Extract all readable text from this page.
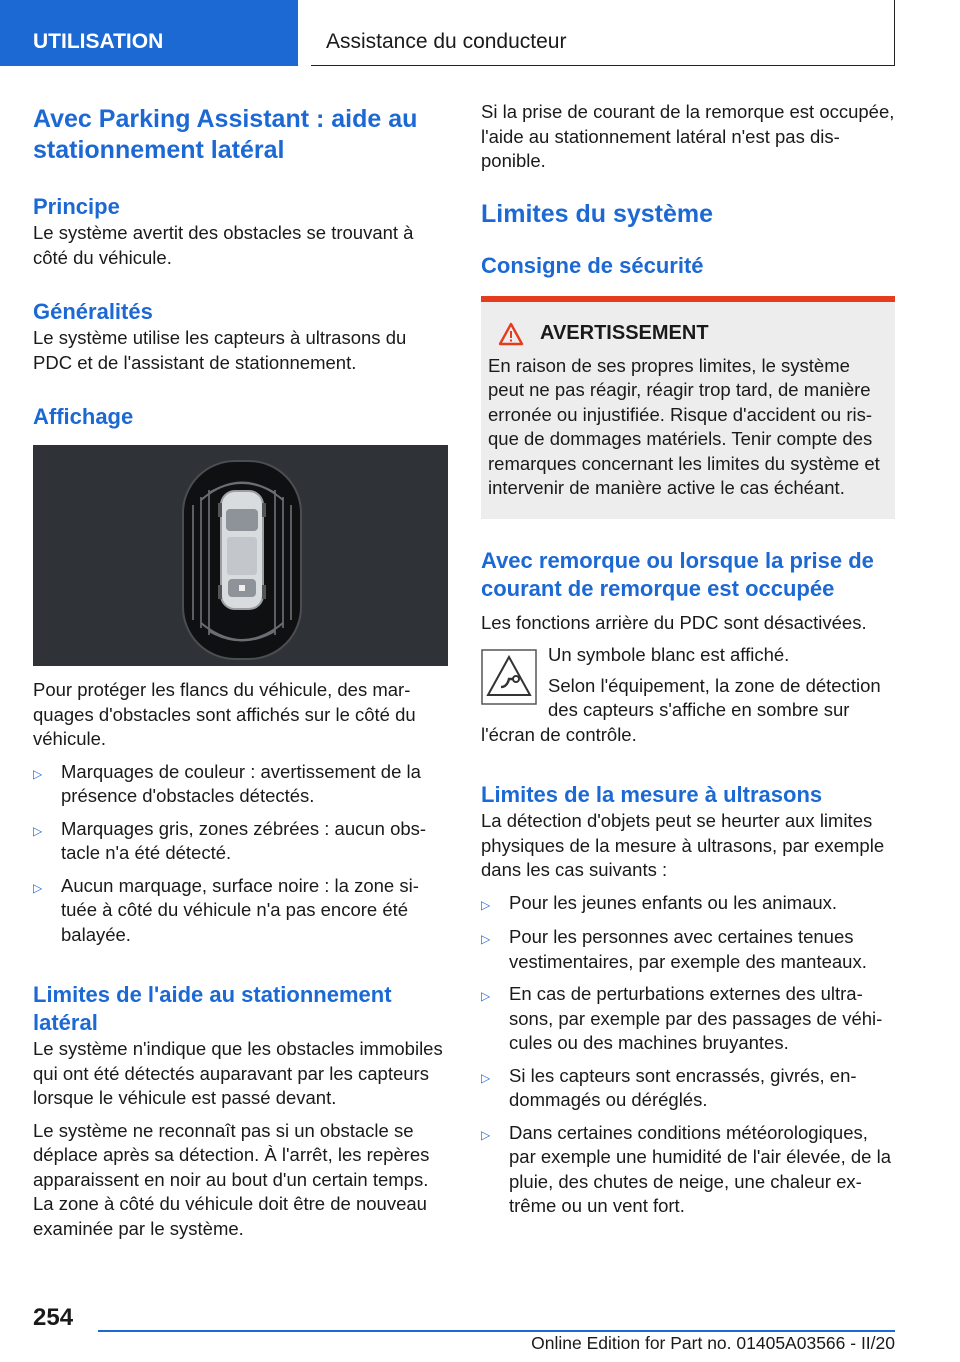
UTILISATION	Assistance du conducteur
Avec Parking Assistant : aide au stationnement latéral
Principe

Le système avertit des obstacles se trouvant à côté du véhicule.

Généralités

Le système utilise les capteurs à ultrasons du PDC et de l'assistant de stationnement.

Affichage

Pour protéger les flancs du véhicule, des marquages d'obstacles sont affichés sur le côté du véhicule.

▷	Marquages de couleur : avertissement de la présence d'obstacles détectés.
▷	Marquages gris, zones zébrées : aucun obstacle n'a été détecté.
▷	Aucun marquage, surface noire : la zone située à côté du véhicule n'a pas encore été balayée.
Limites de l'aide au stationnement latéral

Le système n'indique que les obstacles immobiles qui ont été détectés auparavant par les capteurs lorsque le véhicule est passé devant.

Le système ne reconnaît pas si un obstacle se déplace après sa détection. À l'arrêt, les repères apparaissent en noir au bout d'un certain temps. La zone à côté du véhicule doit être de nouveau examinée par le système.

Si la prise de courant de la remorque est occupée, l'aide au stationnement latéral n'est pas disponible.

Limites du système
Consigne de sécurité
AVERTISSEMENT

En raison de ses propres limites, le système peut ne pas réagir, réagir trop tard, de manière erronée ou injustifiée. Risque d'accident ou risque de dommages matériels. Tenir compte des remarques concernant les limites du système et intervenir de manière active le cas échéant.

Avec remorque ou lorsque la prise de courant de remorque est occupée

Les fonctions arrière du PDC sont désactivées.

Un symbole blanc est affiché.

Selon l'équipement, la zone de détection des capteurs s'affiche en sombre sur

l'écran de contrôle.

Limites de la mesure à ultrasons

La détection d'objets peut se heurter aux limites physiques de la mesure à ultrasons, par exemple dans les cas suivants :

▷	Pour les jeunes enfants ou les animaux.
▷	Pour les personnes avec certaines tenues vestimentaires, par exemple des manteaux.
▷	En cas de perturbations externes des ultrasons, par exemple par des passages de véhicules ou des machines bruyantes.
▷	Si les capteurs sont encrassés, givrés, endommagés ou déréglés.
▷	Dans certaines conditions météorologiques, par exemple une humidité de l'air élevée, de la pluie, des chutes de neige, une chaleur extrême ou un vent fort.
254
Online Edition for Part no. 01405A03566 - II/20
